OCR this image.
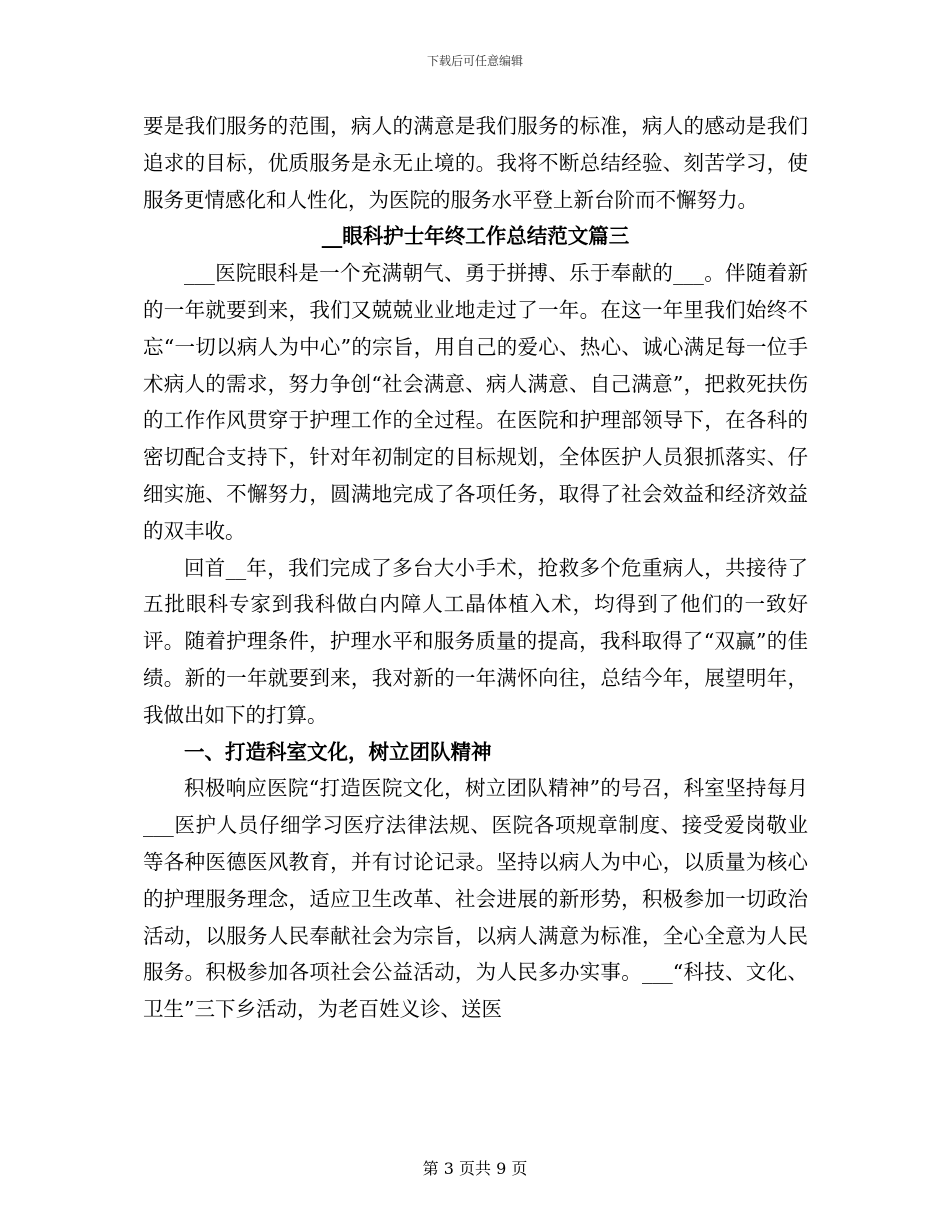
下载后可任意编辑

要是我们服务的范围，病人的满意是我们服务的标准，病人的感动是我们追求的目标，优质服务是永无止境的。我将不断总结经验、刻苦学习，使服务更情感化和人性化，为医院的服务水平登上新台阶而不懈努力。

__眼科护士年终工作总结范文篇三

___医院眼科是一个充满朝气、勇于拼搏、乐于奉献的___。伴随着新的一年就要到来，我们又兢兢业业地走过了一年。在这一年里我们始终不忘“一切以病人为中心”的宗旨，用自己的爱心、热心、诚心满足每一位手术病人的需求，努力争创“社会满意、病人满意、自己满意”，把救死扶伤的工作作风贯穿于护理工作的全过程。在医院和护理部领导下，在各科的密切配合支持下，针对年初制定的目标规划，全体医护人员狠抓落实、仔细实施、不懈努力，圆满地完成了各项任务，取得了社会效益和经济效益的双丰收。

回首__年，我们完成了多台大小手术，抢救多个危重病人，共接待了五批眼科专家到我科做白内障人工晶体植入术，均得到了他们的一致好评。随着护理条件，护理水平和服务质量的提高，我科取得了“双赢”的佳绩。新的一年就要到来，我对新的一年满怀向往，总结今年，展望明年，我做出如下的打算。

一、打造科室文化，树立团队精神

积极响应医院“打造医院文化，树立团队精神”的号召，科室坚持每月___医护人员仔细学习医疗法律法规、医院各项规章制度、接受爱岗敬业等各种医德医风教育，并有讨论记录。坚持以病人为中心，以质量为核心的护理服务理念，适应卫生改革、社会进展的新形势，积极参加一切政治活动，以服务人民奉献社会为宗旨，以病人满意为标准，全心全意为人民服务。积极参加各项社会公益活动，为人民多办实事。___“科技、文化、卫生”三下乡活动，为老百姓义诊、送医

第 3 页共 9 页
